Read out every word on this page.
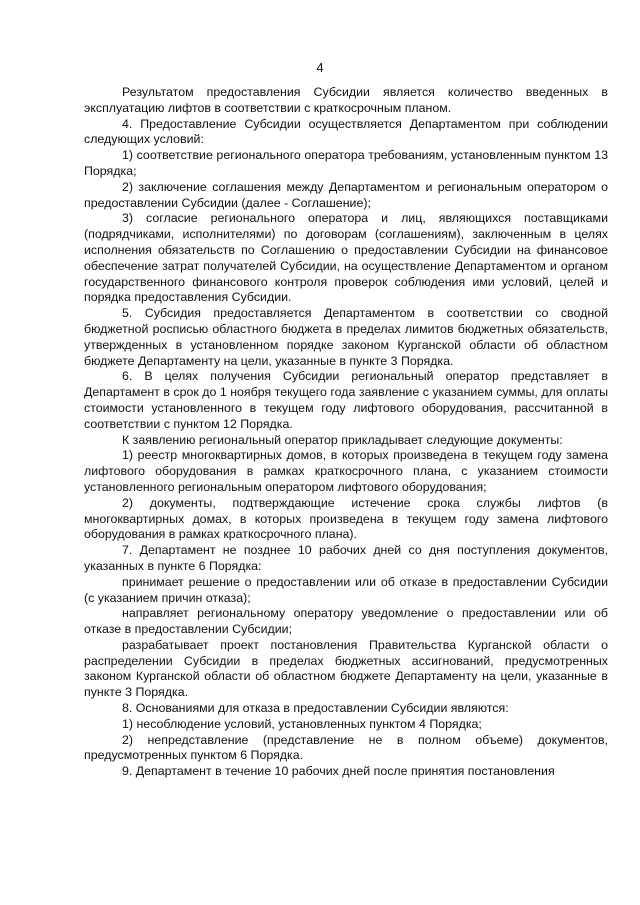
4

Результатом предоставления Субсидии является количество введенных в эксплуатацию лифтов в соответствии с краткосрочным планом.

4. Предоставление Субсидии осуществляется Департаментом при соблюдении следующих условий:

1) соответствие регионального оператора требованиям, установленным пунктом 13 Порядка;

2) заключение соглашения между Департаментом и региональным оператором о предоставлении Субсидии (далее - Соглашение);

3) согласие регионального оператора и лиц, являющихся поставщиками (подрядчиками, исполнителями) по договорам (соглашениям), заключенным в целях исполнения обязательств по Соглашению о предоставлении Субсидии на финансовое обеспечение затрат получателей Субсидии, на осуществление Департаментом и органом государственного финансового контроля проверок соблюдения ими условий, целей и порядка предоставления Субсидии.

5. Субсидия предоставляется Департаментом в соответствии со сводной бюджетной росписью областного бюджета в пределах лимитов бюджетных обязательств, утвержденных в установленном порядке законом Курганской области об областном бюджете Департаменту на цели, указанные в пункте 3 Порядка.

6. В целях получения Субсидии региональный оператор представляет в Департамент в срок до 1 ноября текущего года заявление с указанием суммы, для оплаты стоимости установленного в текущем году лифтового оборудования, рассчитанной в соответствии с пунктом 12 Порядка.

К заявлению региональный оператор прикладывает следующие документы:

1) реестр многоквартирных домов, в которых произведена в текущем году замена лифтового оборудования в рамках краткосрочного плана, с указанием стоимости установленного региональным оператором лифтового оборудования;

2) документы, подтверждающие истечение срока службы лифтов (в многоквартирных домах, в которых произведена в текущем году замена лифтового оборудования в рамках краткосрочного плана).

7. Департамент не позднее 10 рабочих дней со дня поступления документов, указанных в пункте 6 Порядка:

принимает решение о предоставлении или об отказе в предоставлении Субсидии (с указанием причин отказа);

направляет региональному оператору уведомление о предоставлении или об отказе в предоставлении Субсидии;

разрабатывает проект постановления Правительства Курганской области о распределении Субсидии в пределах бюджетных ассигнований, предусмотренных законом Курганской области об областном бюджете Департаменту на цели, указанные в пункте 3 Порядка.

8. Основаниями для отказа в предоставлении Субсидии являются:

1) несоблюдение условий, установленных пунктом 4 Порядка;

2) непредставление (представление не в полном объеме) документов, предусмотренных пунктом 6 Порядка.

9. Департамент в течение 10 рабочих дней после принятия постановления
